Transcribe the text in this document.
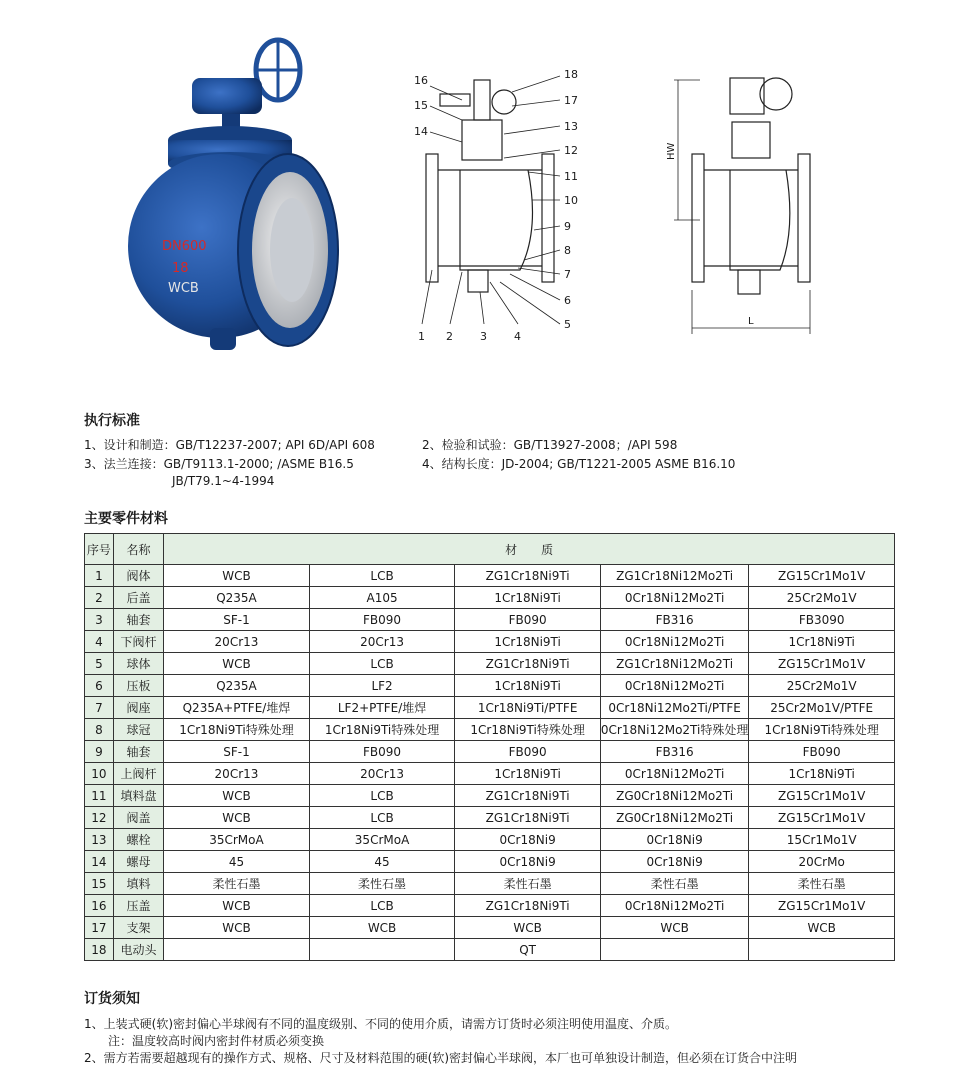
DN600
18
WCB
16
15
14
18
17
13
12
11
10
9
8
7
6
5
1 2 3 4
HW
L
执行标准
1、设计和制造：GB/T12237-2007; API 6D/API 608	2、检验和试验：GB/T13927-2008；/API 598
3、法兰连接：GB/T9113.1-2000; /ASME B16.5	4、结构长度：JD-2004; GB/T1221-2005 ASME B16.10
JB/T79.1~4-1994
主要零件材料
序号	名称	材　　质				
1	阀体	WCB	LCB	ZG1Cr18Ni9Ti	ZG1Cr18Ni12Mo2Ti	ZG15Cr1Mo1V
2	后盖	Q235A	A105	1Cr18Ni9Ti	0Cr18Ni12Mo2Ti	25Cr2Mo1V
3	轴套	SF-1	FB090	FB090	FB316	FB3090
4	下阀杆	20Cr13	20Cr13	1Cr18Ni9Ti	0Cr18Ni12Mo2Ti	1Cr18Ni9Ti
5	球体	WCB	LCB	ZG1Cr18Ni9Ti	ZG1Cr18Ni12Mo2Ti	ZG15Cr1Mo1V
6	压板	Q235A	LF2	1Cr18Ni9Ti	0Cr18Ni12Mo2Ti	25Cr2Mo1V
7	阀座	Q235A+PTFE/堆焊	LF2+PTFE/堆焊	1Cr18Ni9Ti/PTFE	0Cr18Ni12Mo2Ti/PTFE	25Cr2Mo1V/PTFE
8	球冠	1Cr18Ni9Ti特殊处理	1Cr18Ni9Ti特殊处理	1Cr18Ni9Ti特殊处理	0Cr18Ni12Mo2Ti特殊处理	1Cr18Ni9Ti特殊处理
9	轴套	SF-1	FB090	FB090	FB316	FB090
10	上阀杆	20Cr13	20Cr13	1Cr18Ni9Ti	0Cr18Ni12Mo2Ti	1Cr18Ni9Ti
11	填料盘	WCB	LCB	ZG1Cr18Ni9Ti	ZG0Cr18Ni12Mo2Ti	ZG15Cr1Mo1V
12	阀盖	WCB	LCB	ZG1Cr18Ni9Ti	ZG0Cr18Ni12Mo2Ti	ZG15Cr1Mo1V
13	螺栓	35CrMoA	35CrMoA	0Cr18Ni9	0Cr18Ni9	15Cr1Mo1V
14	螺母	45	45	0Cr18Ni9	0Cr18Ni9	20CrMo
15	填料	柔性石墨	柔性石墨	柔性石墨	柔性石墨	柔性石墨
16	压盖	WCB	LCB	ZG1Cr18Ni9Ti	0Cr18Ni12Mo2Ti	ZG15Cr1Mo1V
17	支架	WCB	WCB	WCB	WCB	WCB
18	电动头			QT		
订货须知
1、上装式硬(软)密封偏心半球阀有不同的温度级别、不同的使用介质，请需方订货时必须注明使用温度、介质。
注：温度较高时阀内密封件材质必须变换
2、需方若需要超越现有的操作方式、规格、尺寸及材料范围的硬(软)密封偏心半球阀，本厂也可单独设计制造，但必须在订货合中注明
